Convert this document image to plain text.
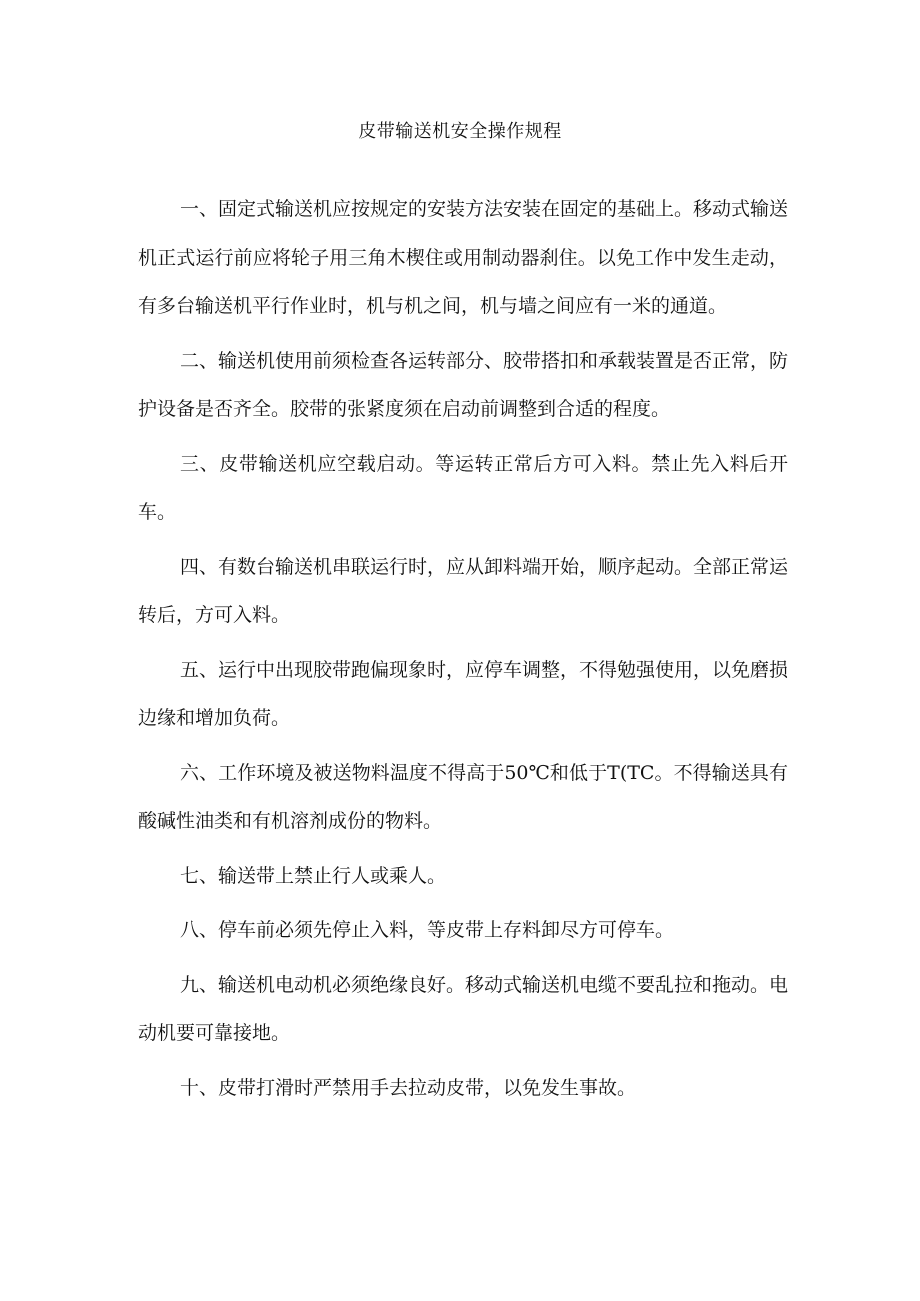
皮带输送机安全操作规程

一、固定式输送机应按规定的安装方法安装在固定的基础上。移动式输送机正式运行前应将轮子用三角木楔住或用制动器刹住。以免工作中发生走动，有多台输送机平行作业时，机与机之间，机与墙之间应有一米的通道。

二、输送机使用前须检查各运转部分、胶带搭扣和承载装置是否正常，防护设备是否齐全。胶带的张紧度须在启动前调整到合适的程度。

三、皮带输送机应空载启动。等运转正常后方可入料。禁止先入料后开车。

四、有数台输送机串联运行时，应从卸料端开始，顺序起动。全部正常运转后，方可入料。

五、运行中出现胶带跑偏现象时，应停车调整，不得勉强使用，以免磨损边缘和增加负荷。

六、工作环境及被送物料温度不得高于50℃和低于T(TC。不得输送具有酸碱性油类和有机溶剂成份的物料。

七、输送带上禁止行人或乘人。

八、停车前必须先停止入料，等皮带上存料卸尽方可停车。

九、输送机电动机必须绝缘良好。移动式输送机电缆不要乱拉和拖动。电动机要可靠接地。

十、皮带打滑时严禁用手去拉动皮带，以免发生事故。
